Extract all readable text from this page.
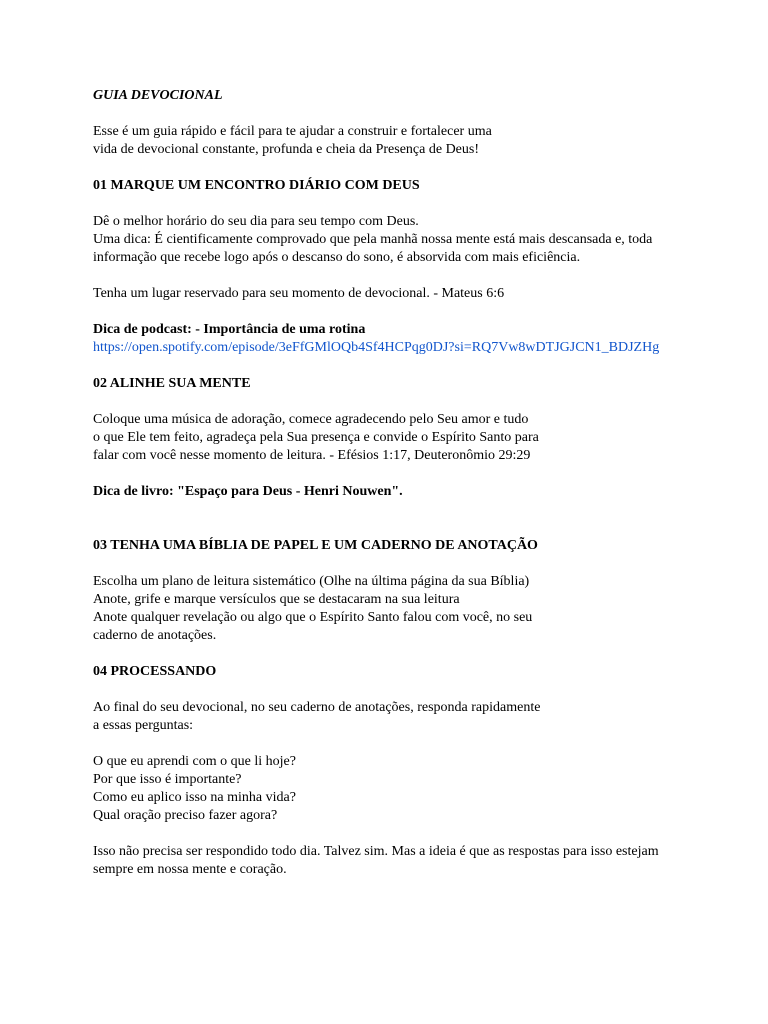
GUIA DEVOCIONAL
Esse é um guia rápido e fácil para te ajudar a construir e fortalecer uma
vida de devocional constante, profunda e cheia da Presença de Deus!
01 MARQUE UM ENCONTRO DIÁRIO COM DEUS
Dê o melhor horário do seu dia para seu tempo com Deus.
Uma dica: É cientificamente comprovado que pela manhã nossa mente está mais descansada e, toda
informação que recebe logo após o descanso do sono, é absorvida com mais eficiência.
Tenha um lugar reservado para seu momento de devocional. - Mateus 6:6
Dica de podcast: - Importância de uma rotina
https://open.spotify.com/episode/3eFfGMlOQb4Sf4HCPqg0DJ?si=RQ7Vw8wDTJGJCN1_BDJZHg
02 ALINHE SUA MENTE
Coloque uma música de adoração, comece agradecendo pelo Seu amor e tudo
o que Ele tem feito, agradeça pela Sua presença e convide o Espírito Santo para
falar com você nesse momento de leitura. - Efésios 1:17, Deuteronômio 29:29
Dica de livro: "Espaço para Deus - Henri Nouwen".
03 TENHA UMA BÍBLIA DE PAPEL E UM CADERNO DE ANOTAÇÃO
Escolha um plano de leitura sistemático (Olhe na última página da sua Bíblia)
Anote, grife e marque versículos que se destacaram na sua leitura
Anote qualquer revelação ou algo que o Espírito Santo falou com você, no seu
caderno de anotações.
04 PROCESSANDO
Ao final do seu devocional, no seu caderno de anotações, responda rapidamente
a essas perguntas:
O que eu aprendi com o que li hoje?
Por que isso é importante?
Como eu aplico isso na minha vida?
Qual oração preciso fazer agora?
Isso não precisa ser respondido todo dia. Talvez sim. Mas a ideia é que as respostas para isso estejam
sempre em nossa mente e coração.
